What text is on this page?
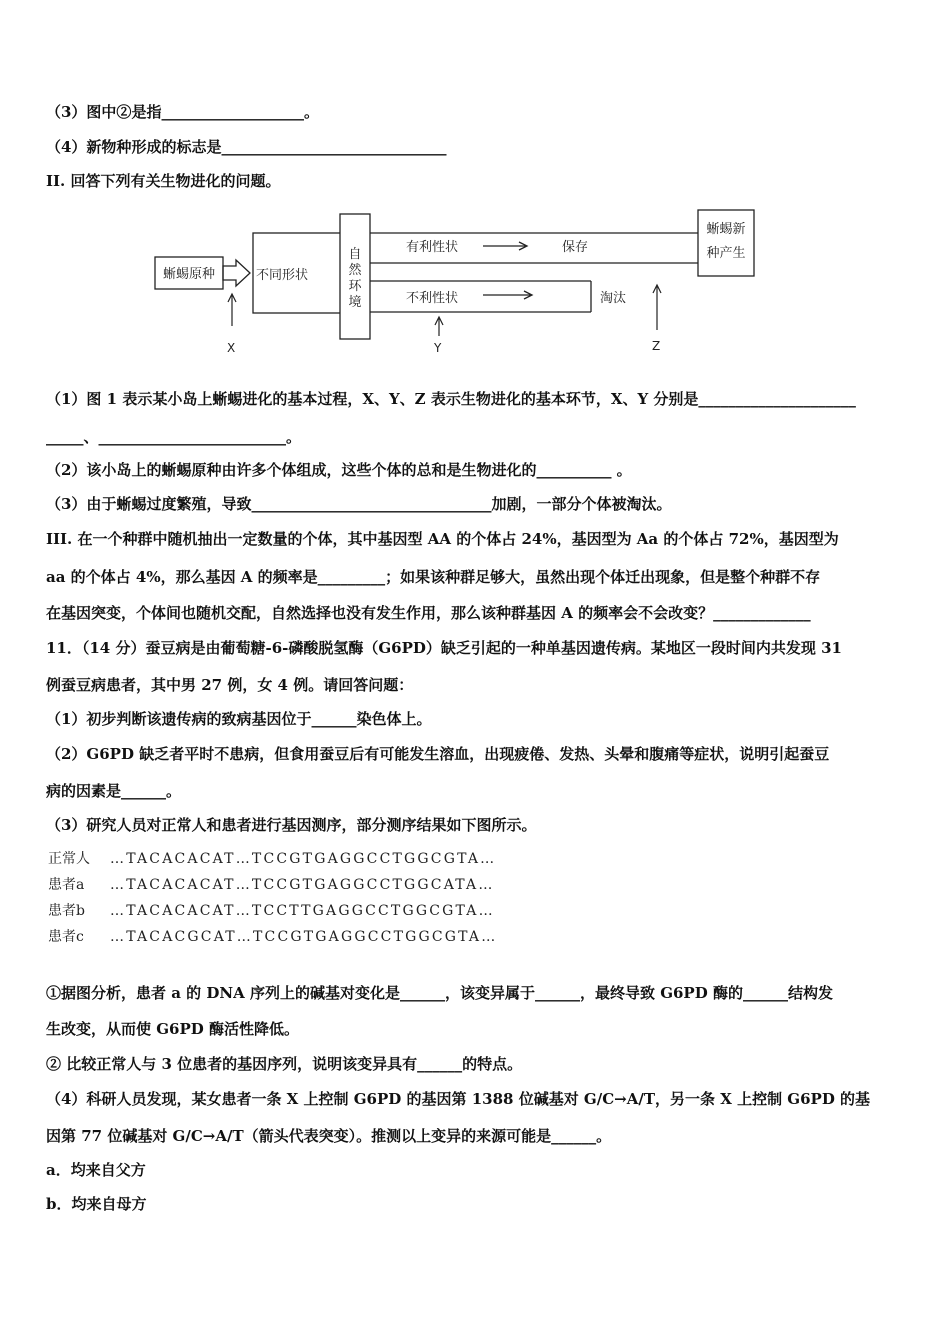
（3）图中②是指___________________。
（4）新物种形成的标志是______________________________
II. 回答下列有关生物进化的问题。
蜥蜴原种	不同形状
自
然
环
境
有利性状	保存
蜥蜴新
种产生
不利性状	淘汰
X	Y	Z
（1）图 1 表示某小岛上蜥蜴进化的基本过程，X、Y、Z 表示生物进化的基本环节，X、Y 分别是_____________________
_____、_________________________。
（2）该小岛上的蜥蜴原种由许多个体组成，这些个体的总和是生物进化的__________ 。
（3）由于蜥蜴过度繁殖，导致________________________________加剧，一部分个体被淘汰。
III. 在一个种群中随机抽出一定数量的个体，其中基因型 AA 的个体占 24%，基因型为 Aa 的个体占 72%，基因型为
aa 的个体占 4%，那么基因 A 的频率是_________；如果该种群足够大，虽然出现个体迁出现象，但是整个种群不存
在基因突变，个体间也随机交配，自然选择也没有发生作用，那么该种群基因 A 的频率会不会改变？_____________
11．（14 分）蚕豆病是由葡萄糖-6-磷酸脱氢酶（G6PD）缺乏引起的一种单基因遗传病。某地区一段时间内共发现 31
例蚕豆病患者，其中男 27 例，女 4 例。请回答问题：
（1）初步判断该遗传病的致病基因位于______染色体上。
（2）G6PD 缺乏者平时不患病，但食用蚕豆后有可能发生溶血，出现疲倦、发热、头晕和腹痛等症状，说明引起蚕豆
病的因素是______。
（3）研究人员对正常人和患者进行基因测序，部分测序结果如下图所示。
正常人 …TACACACAT…TCCGTGAGGCCTGGCGTA…
患者a …TACACACAT…TCCGTGAGGCCTGGCATA…
患者b …TACACACAT…TCCTTGAGGCCTGGCGTA…
患者c …TACACGCAT…TCCGTGAGGCCTGGCGTA…
①据图分析，患者 a 的 DNA 序列上的碱基对变化是______，该变异属于______，最终导致 G6PD 酶的______结构发
生改变，从而使 G6PD 酶活性降低。
② 比较正常人与 3 位患者的基因序列，说明该变异具有______的特点。
（4）科研人员发现，某女患者一条 X 上控制 G6PD 的基因第 1388 位碱基对 G/C→A/T，另一条 X 上控制 G6PD 的基
因第 77 位碱基对 G/C→A/T（箭头代表突变）。推测以上变异的来源可能是______。
a．均来自父方
b．均来自母方
